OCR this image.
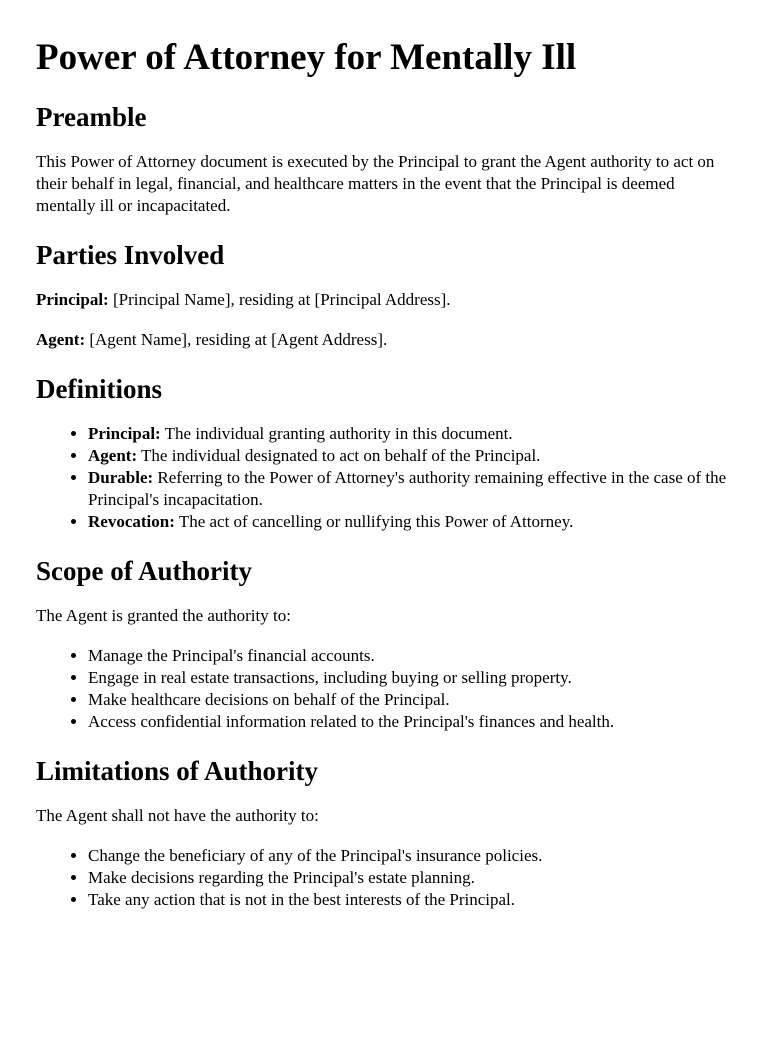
Power of Attorney for Mentally Ill
Preamble

This Power of Attorney document is executed by the Principal to grant the Agent authority to act on their behalf in legal, financial, and healthcare matters in the event that the Principal is deemed mentally ill or incapacitated.

Parties Involved

Principal: [Principal Name], residing at [Principal Address].

Agent: [Agent Name], residing at [Agent Address].

Definitions
• Principal: The individual granting authority in this document.
• Agent: The individual designated to act on behalf of the Principal.
• Durable: Referring to the Power of Attorney's authority remaining effective in the case of the Principal's incapacitation.
• Revocation: The act of cancelling or nullifying this Power of Attorney.
Scope of Authority

The Agent is granted the authority to:

• Manage the Principal's financial accounts.
• Engage in real estate transactions, including buying or selling property.
• Make healthcare decisions on behalf of the Principal.
• Access confidential information related to the Principal's finances and health.
Limitations of Authority

The Agent shall not have the authority to:

• Change the beneficiary of any of the Principal's insurance policies.
• Make decisions regarding the Principal's estate planning.
• Take any action that is not in the best interests of the Principal.
